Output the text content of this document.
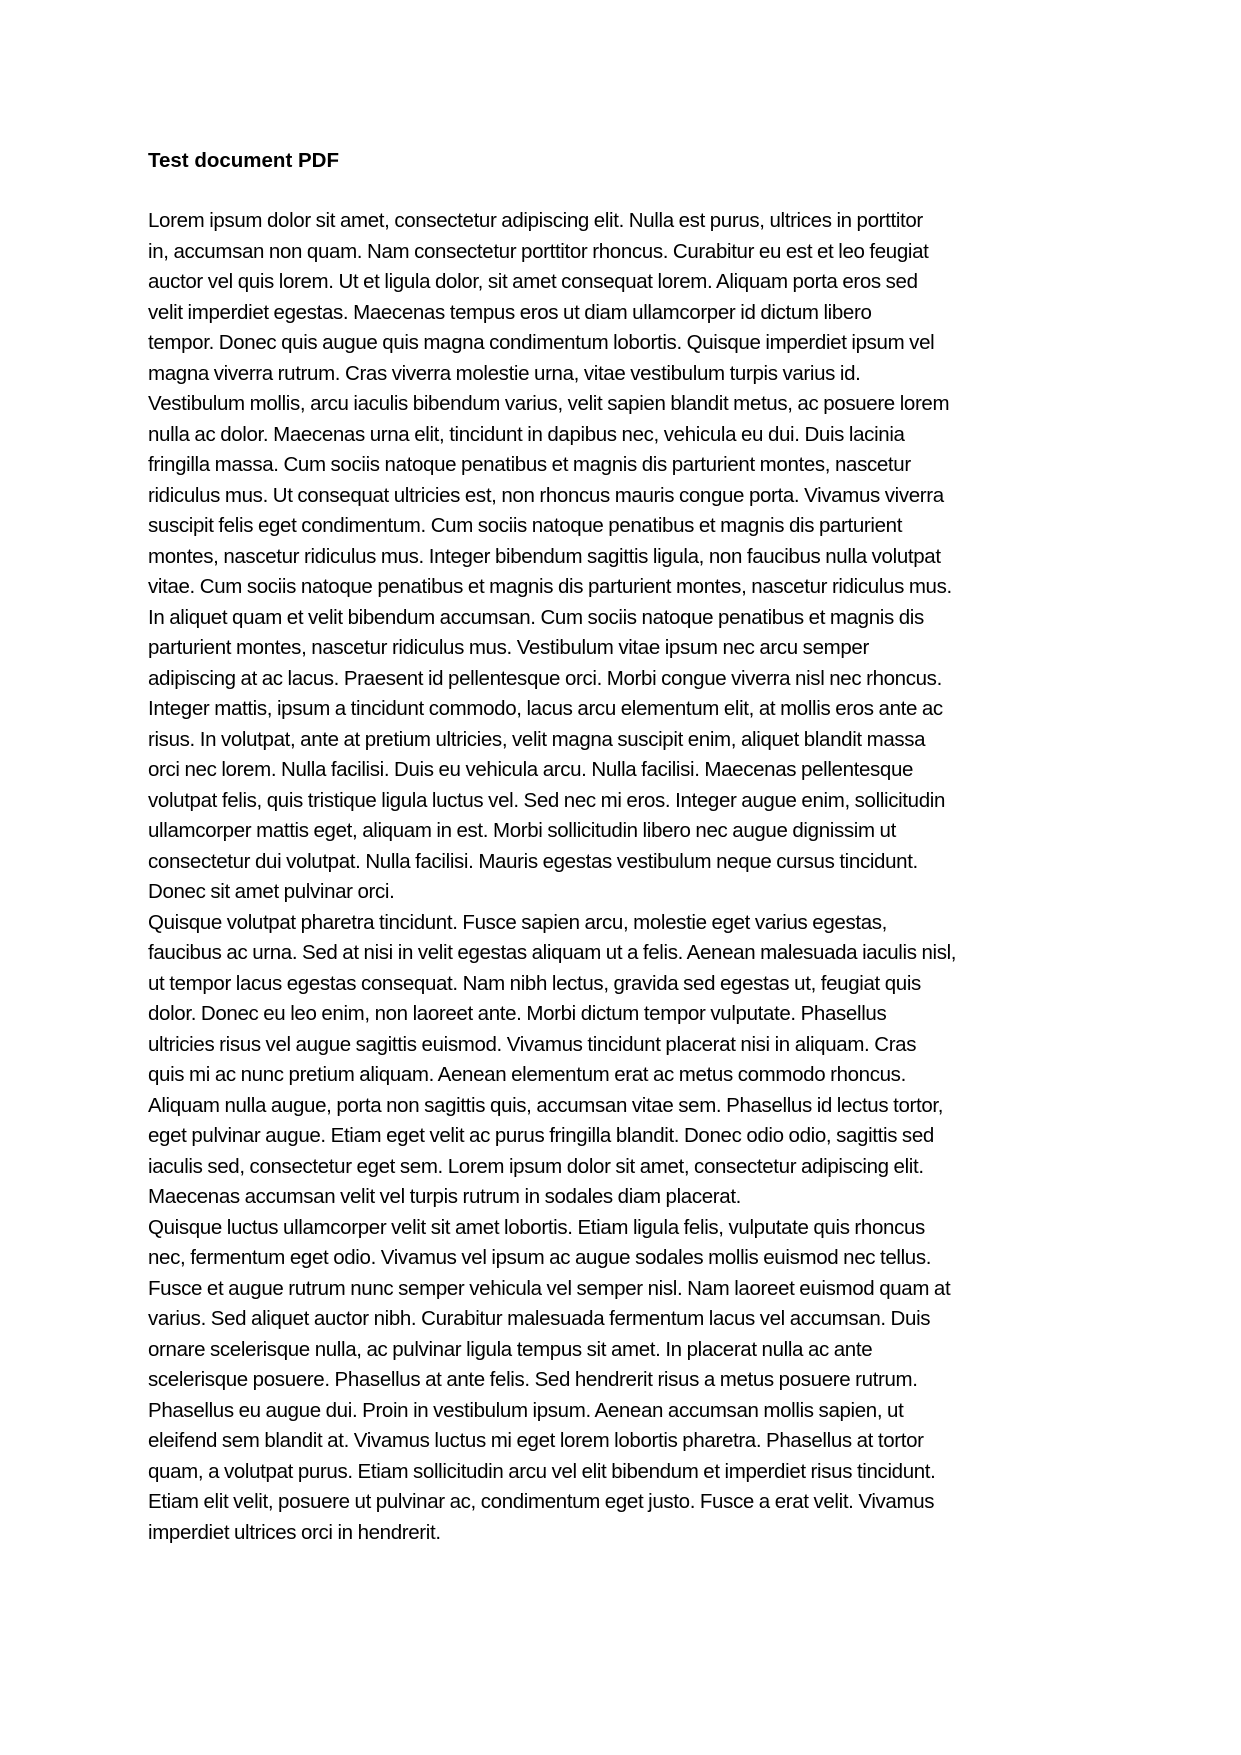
Test document PDF

Lorem ipsum dolor sit amet, consectetur adipiscing elit. Nulla est purus, ultrices in porttitor
in, accumsan non quam. Nam consectetur porttitor rhoncus. Curabitur eu est et leo feugiat
auctor vel quis lorem. Ut et ligula dolor, sit amet consequat lorem. Aliquam porta eros sed
velit imperdiet egestas. Maecenas tempus eros ut diam ullamcorper id dictum libero
tempor. Donec quis augue quis magna condimentum lobortis. Quisque imperdiet ipsum vel
magna viverra rutrum. Cras viverra molestie urna, vitae vestibulum turpis varius id.
Vestibulum mollis, arcu iaculis bibendum varius, velit sapien blandit metus, ac posuere lorem
nulla ac dolor. Maecenas urna elit, tincidunt in dapibus nec, vehicula eu dui. Duis lacinia
fringilla massa. Cum sociis natoque penatibus et magnis dis parturient montes, nascetur
ridiculus mus. Ut consequat ultricies est, non rhoncus mauris congue porta. Vivamus viverra
suscipit felis eget condimentum. Cum sociis natoque penatibus et magnis dis parturient
montes, nascetur ridiculus mus. Integer bibendum sagittis ligula, non faucibus nulla volutpat
vitae. Cum sociis natoque penatibus et magnis dis parturient montes, nascetur ridiculus mus.
In aliquet quam et velit bibendum accumsan. Cum sociis natoque penatibus et magnis dis
parturient montes, nascetur ridiculus mus. Vestibulum vitae ipsum nec arcu semper
adipiscing at ac lacus. Praesent id pellentesque orci. Morbi congue viverra nisl nec rhoncus.
Integer mattis, ipsum a tincidunt commodo, lacus arcu elementum elit, at mollis eros ante ac
risus. In volutpat, ante at pretium ultricies, velit magna suscipit enim, aliquet blandit massa
orci nec lorem. Nulla facilisi. Duis eu vehicula arcu. Nulla facilisi. Maecenas pellentesque
volutpat felis, quis tristique ligula luctus vel. Sed nec mi eros. Integer augue enim, sollicitudin
ullamcorper mattis eget, aliquam in est. Morbi sollicitudin libero nec augue dignissim ut
consectetur dui volutpat. Nulla facilisi. Mauris egestas vestibulum neque cursus tincidunt.
Donec sit amet pulvinar orci.

Quisque volutpat pharetra tincidunt. Fusce sapien arcu, molestie eget varius egestas,
faucibus ac urna. Sed at nisi in velit egestas aliquam ut a felis. Aenean malesuada iaculis nisl,
ut tempor lacus egestas consequat. Nam nibh lectus, gravida sed egestas ut, feugiat quis
dolor. Donec eu leo enim, non laoreet ante. Morbi dictum tempor vulputate. Phasellus
ultricies risus vel augue sagittis euismod. Vivamus tincidunt placerat nisi in aliquam. Cras
quis mi ac nunc pretium aliquam. Aenean elementum erat ac metus commodo rhoncus.
Aliquam nulla augue, porta non sagittis quis, accumsan vitae sem. Phasellus id lectus tortor,
eget pulvinar augue. Etiam eget velit ac purus fringilla blandit. Donec odio odio, sagittis sed
iaculis sed, consectetur eget sem. Lorem ipsum dolor sit amet, consectetur adipiscing elit.
Maecenas accumsan velit vel turpis rutrum in sodales diam placerat.

Quisque luctus ullamcorper velit sit amet lobortis. Etiam ligula felis, vulputate quis rhoncus
nec, fermentum eget odio. Vivamus vel ipsum ac augue sodales mollis euismod nec tellus.
Fusce et augue rutrum nunc semper vehicula vel semper nisl. Nam laoreet euismod quam at
varius. Sed aliquet auctor nibh. Curabitur malesuada fermentum lacus vel accumsan. Duis
ornare scelerisque nulla, ac pulvinar ligula tempus sit amet. In placerat nulla ac ante
scelerisque posuere. Phasellus at ante felis. Sed hendrerit risus a metus posuere rutrum.
Phasellus eu augue dui. Proin in vestibulum ipsum. Aenean accumsan mollis sapien, ut
eleifend sem blandit at. Vivamus luctus mi eget lorem lobortis pharetra. Phasellus at tortor
quam, a volutpat purus. Etiam sollicitudin arcu vel elit bibendum et imperdiet risus tincidunt.
Etiam elit velit, posuere ut pulvinar ac, condimentum eget justo. Fusce a erat velit. Vivamus
imperdiet ultrices orci in hendrerit.
